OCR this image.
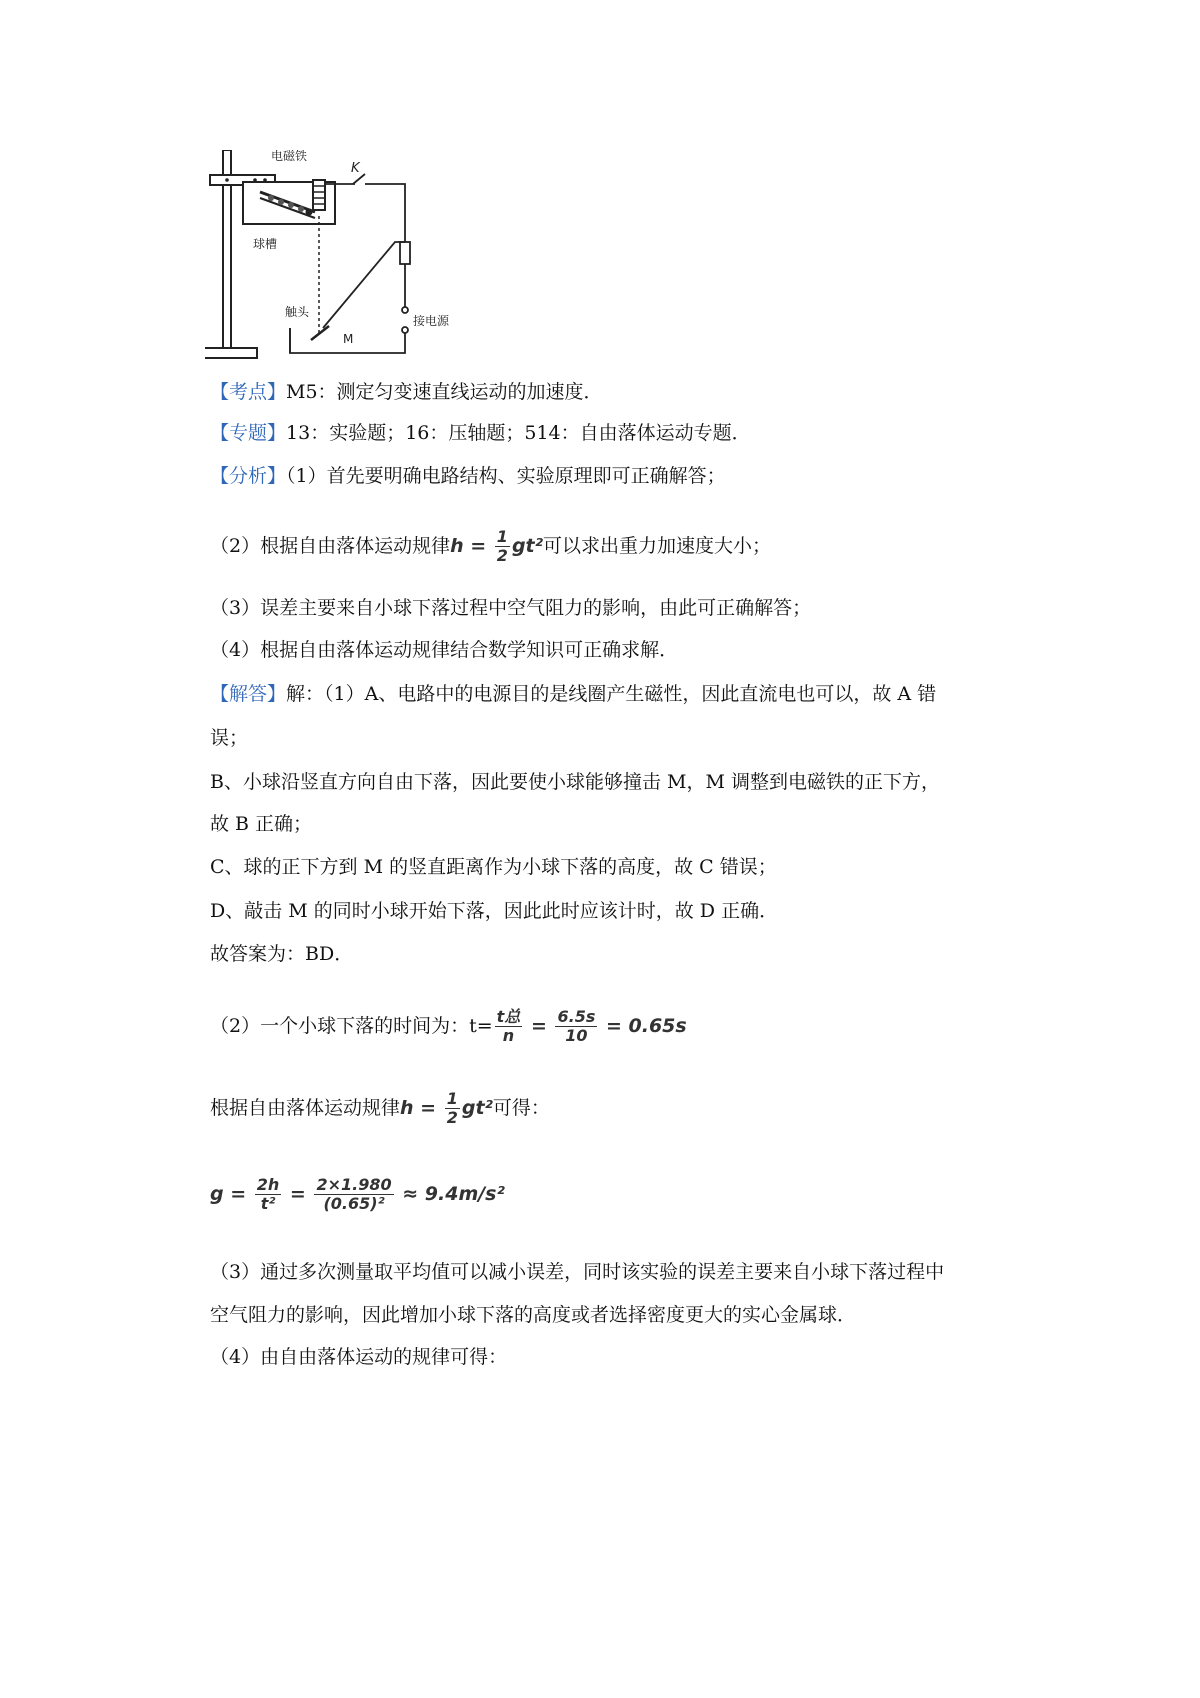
电磁铁
K
球槽
触头
M
接电源
【考点】M5：测定匀变速直线运动的加速度．
【专题】13：实验题；16：压轴题；514：自由落体运动专题．
【分析】（1）首先要明确电路结构、实验原理即可正确解答；
（2）根据自由落体运动规律$h = \frac{1}{2} gt^2$可以求出重力加速度大小；
（3）误差主要来自小球下落过程中空气阻力的影响，由此可正确解答；
（4）根据自由落体运动规律结合数学知识可正确求解．
【解答】解：（1）A、电路中的电源目的是线圈产生磁性，因此直流电也可以，故 A 错
误；
B、小球沿竖直方向自由下落，因此要使小球能够撞击 M，M 调整到电磁铁的正下方，
故 B 正确；
C、球的正下方到 M 的竖直距离作为小球下落的高度，故 C 错误；
D、敲击 M 的同时小球开始下落，因此此时应该计时，故 D 正确．
故答案为：BD．
（2）一个小球下落的时间为：$t= \frac{\text{t总}}{n} = \frac{6.5s}{10} = 0.65s$
根据自由落体运动规律$h = \frac{1}{2} gt^2$可得：
$g = \frac{2h}{\text{t²}} = \frac{2\times 1.980}{\text{(0.65)²}} \approx 9.4m/s^2$
（3）通过多次测量取平均值可以减小误差，同时该实验的误差主要来自小球下落过程中
空气阻力的影响，因此增加小球下落的高度或者选择密度更大的实心金属球．
（4）由自由落体运动的规律可得：
